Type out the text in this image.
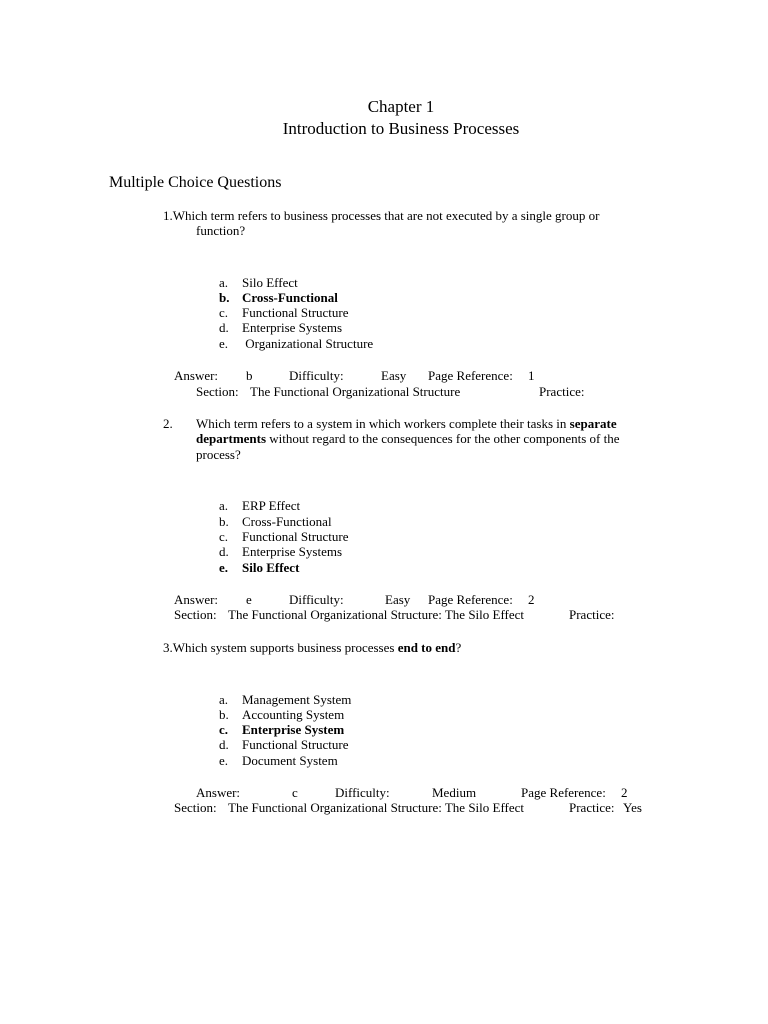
Chapter 1
Introduction to Business Processes
Multiple Choice Questions
1.Which term refers to business processes that are not executed by a single group or
function?
a. Silo Effect
b. Cross-Functional
c. Functional Structure
d. Enterprise Systems
e. Organizational Structure
Answer: b	Difficulty:	Easy Page Reference: 1
Section: The Functional Organizational Structure	Practice:
2. Which term refers to a system in which workers complete their tasks in separate
departments without regard to the consequences for the other components of the
process?
a. ERP Effect
b. Cross-Functional
c. Functional Structure
d. Enterprise Systems
e. Silo Effect
Answer: e	Difficulty:	Easy Page Reference: 2
Section: The Functional Organizational Structure: The Silo Effect	Practice:
3.Which system supports business processes end to end?
a. Management System
b. Accounting System
c. Enterprise System
d. Functional Structure
e. Document System
Answer:	c	Difficulty:	Medium	Page Reference: 2
Section: The Functional Organizational Structure: The Silo Effect	Practice: Yes
